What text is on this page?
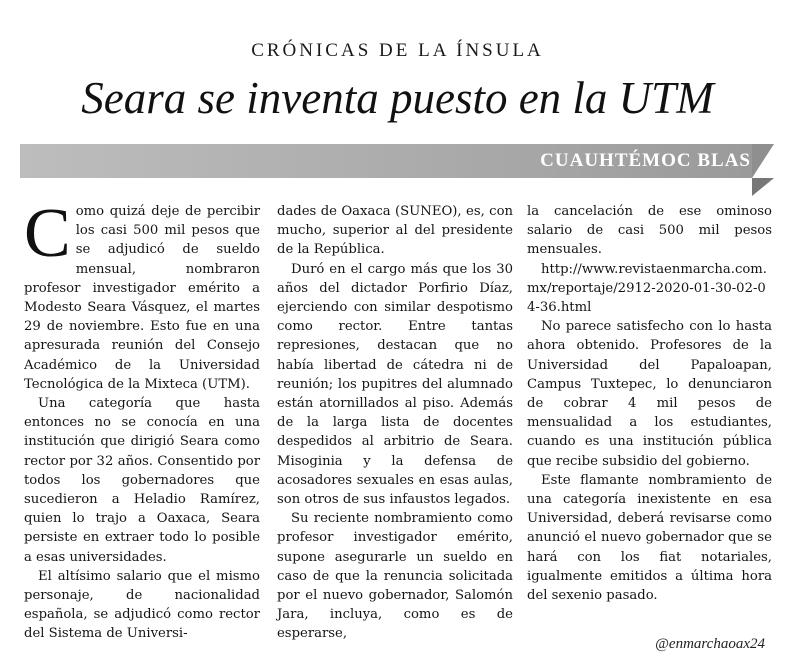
CRÓNICAS DE LA ÍNSULA
Seara se inventa puesto en la UTM
CUAUHTÉMOC BLAS

Como quizá deje de percibir los casi 500 mil pesos que se adjudicó de sueldo mensual, nombraron profesor investigador emérito a Modesto Seara Vásquez, el martes 29 de noviembre. Esto fue en una apresurada reunión del Consejo Académico de la Universidad Tecnológica de la Mixteca (UTM).

Una categoría que hasta entonces no se conocía en una institución que dirigió Seara como rector por 32 años. Consentido por todos los gobernadores que sucedieron a Heladio Ramírez, quien lo trajo a Oaxaca, Seara persiste en extraer todo lo posible a esas universidades.

El altísimo salario que el mismo personaje, de nacionalidad española, se adjudicó como rector del Sistema de Universi-

dades de Oaxaca (SUNEO), es, con mucho, superior al del presidente de la República.

Duró en el cargo más que los 30 años del dictador Porfirio Díaz, ejerciendo con similar despotismo como rector. Entre tantas represiones, destacan que no había libertad de cátedra ni de reunión; los pupitres del alumnado están atornillados al piso. Además de la larga lista de docentes despedidos al arbitrio de Seara. Misoginia y la defensa de acosadores sexuales en esas aulas, son otros de sus infaustos legados.

Su reciente nombramiento como profesor investigador emérito, supone asegurarle un sueldo en caso de que la renuncia solicitada por el nuevo gobernador, Salomón Jara, incluya, como es de esperarse,

la cancelación de ese ominoso salario de casi 500 mil pesos mensuales.

http://www.revistaenmarcha.com.mx/reportaje/2912-2020-01-30-02-04-36.html

No parece satisfecho con lo hasta ahora obtenido. Profesores de la Universidad del Papaloapan, Campus Tuxtepec, lo denunciaron de cobrar 4 mil pesos de mensualidad a los estudiantes, cuando es una institución pública que recibe subsidio del gobierno.

Este flamante nombramiento de una categoría inexistente en esa Universidad, deberá revisarse como anunció el nuevo gobernador que se hará con los fiat notariales, igualmente emitidos a última hora del sexenio pasado.

@enmarchaoax24
